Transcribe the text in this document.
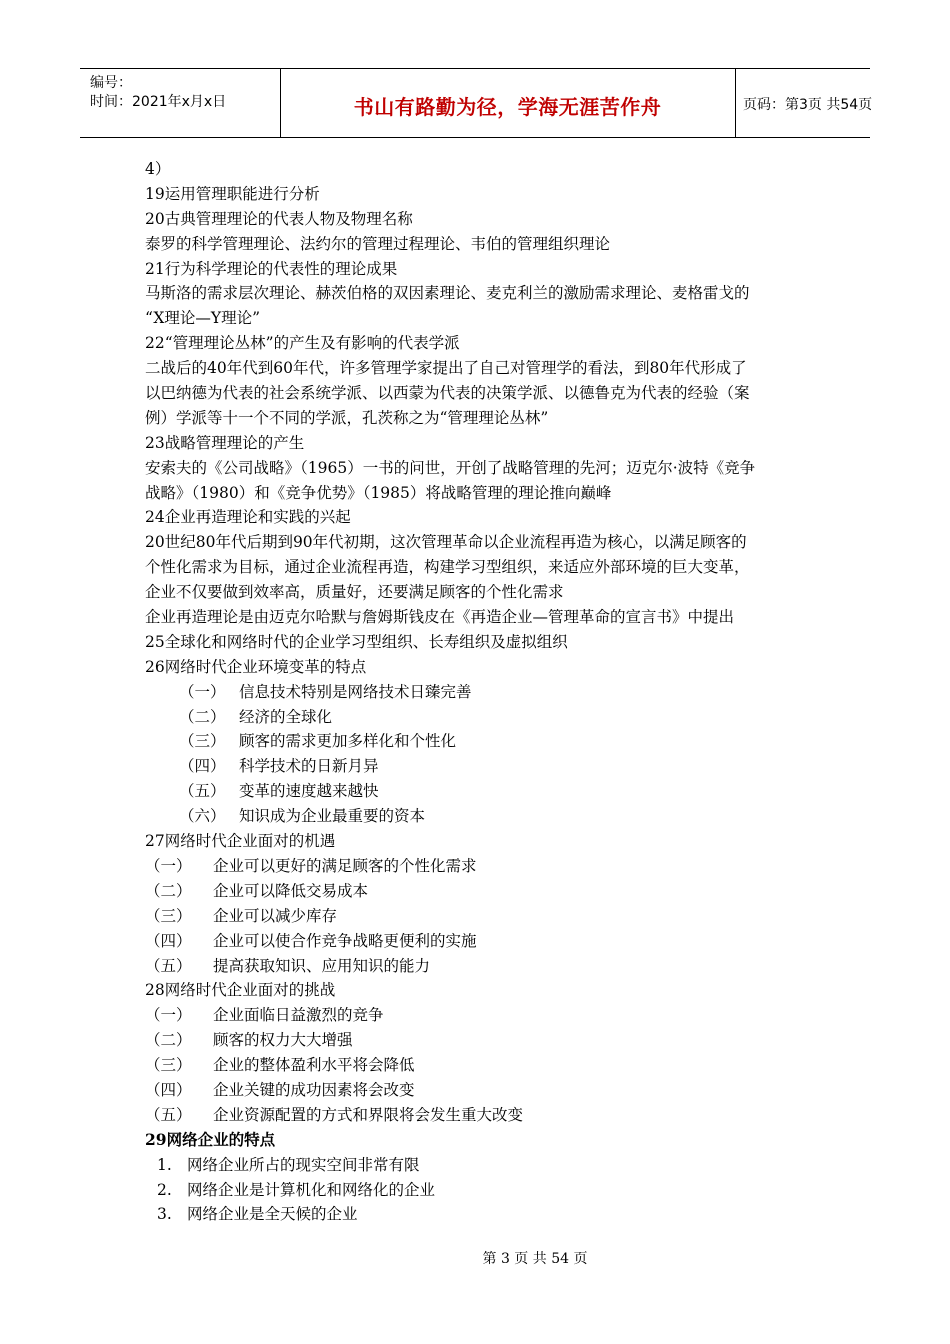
编号：
时间：2021年x月x日	书山有路勤为径，学海无涯苦作舟	页码：第3页 共54页
4）
19运用管理职能进行分析
20古典管理理论的代表人物及物理名称
泰罗的科学管理理论、法约尔的管理过程理论、韦伯的管理组织理论
21行为科学理论的代表性的理论成果
马斯洛的需求层次理论、赫茨伯格的双因素理论、麦克利兰的激励需求理论、麦格雷戈的
“X理论—Y理论”
22“管理理论丛林”的产生及有影响的代表学派
二战后的40年代到60年代，许多管理学家提出了自己对管理学的看法，到80年代形成了
以巴纳德为代表的社会系统学派、以西蒙为代表的决策学派、以德鲁克为代表的经验（案
例）学派等十一个不同的学派，孔茨称之为“管理理论丛林”
23战略管理理论的产生
安索夫的《公司战略》（1965）一书的问世，开创了战略管理的先河；迈克尔·波特《竞争
战略》（1980）和《竞争优势》（1985）将战略管理的理论推向巅峰
24企业再造理论和实践的兴起
20世纪80年代后期到90年代初期，这次管理革命以企业流程再造为核心，以满足顾客的
个性化需求为目标，通过企业流程再造，构建学习型组织，来适应外部环境的巨大变革，
企业不仅要做到效率高，质量好，还要满足顾客的个性化需求
企业再造理论是由迈克尔哈默与詹姆斯钱皮在《再造企业—管理革命的宣言书》中提出
25全球化和网络时代的企业学习型组织、长寿组织及虚拟组织
26网络时代企业环境变革的特点
（一） 信息技术特别是网络技术日臻完善
（二） 经济的全球化
（三） 顾客的需求更加多样化和个性化
（四） 科学技术的日新月异
（五） 变革的速度越来越快
（六） 知识成为企业最重要的资本
27网络时代企业面对的机遇
（一） 企业可以更好的满足顾客的个性化需求
（二） 企业可以降低交易成本
（三） 企业可以减少库存
（四） 企业可以使合作竞争战略更便利的实施
（五） 提高获取知识、应用知识的能力
28网络时代企业面对的挑战
（一） 企业面临日益激烈的竞争
（二） 顾客的权力大大增强
（三） 企业的整体盈利水平将会降低
（四） 企业关键的成功因素将会改变
（五） 企业资源配置的方式和界限将会发生重大改变
29网络企业的特点
1. 网络企业所占的现实空间非常有限
2. 网络企业是计算机化和网络化的企业
3. 网络企业是全天候的企业
第 3 页 共 54 页
